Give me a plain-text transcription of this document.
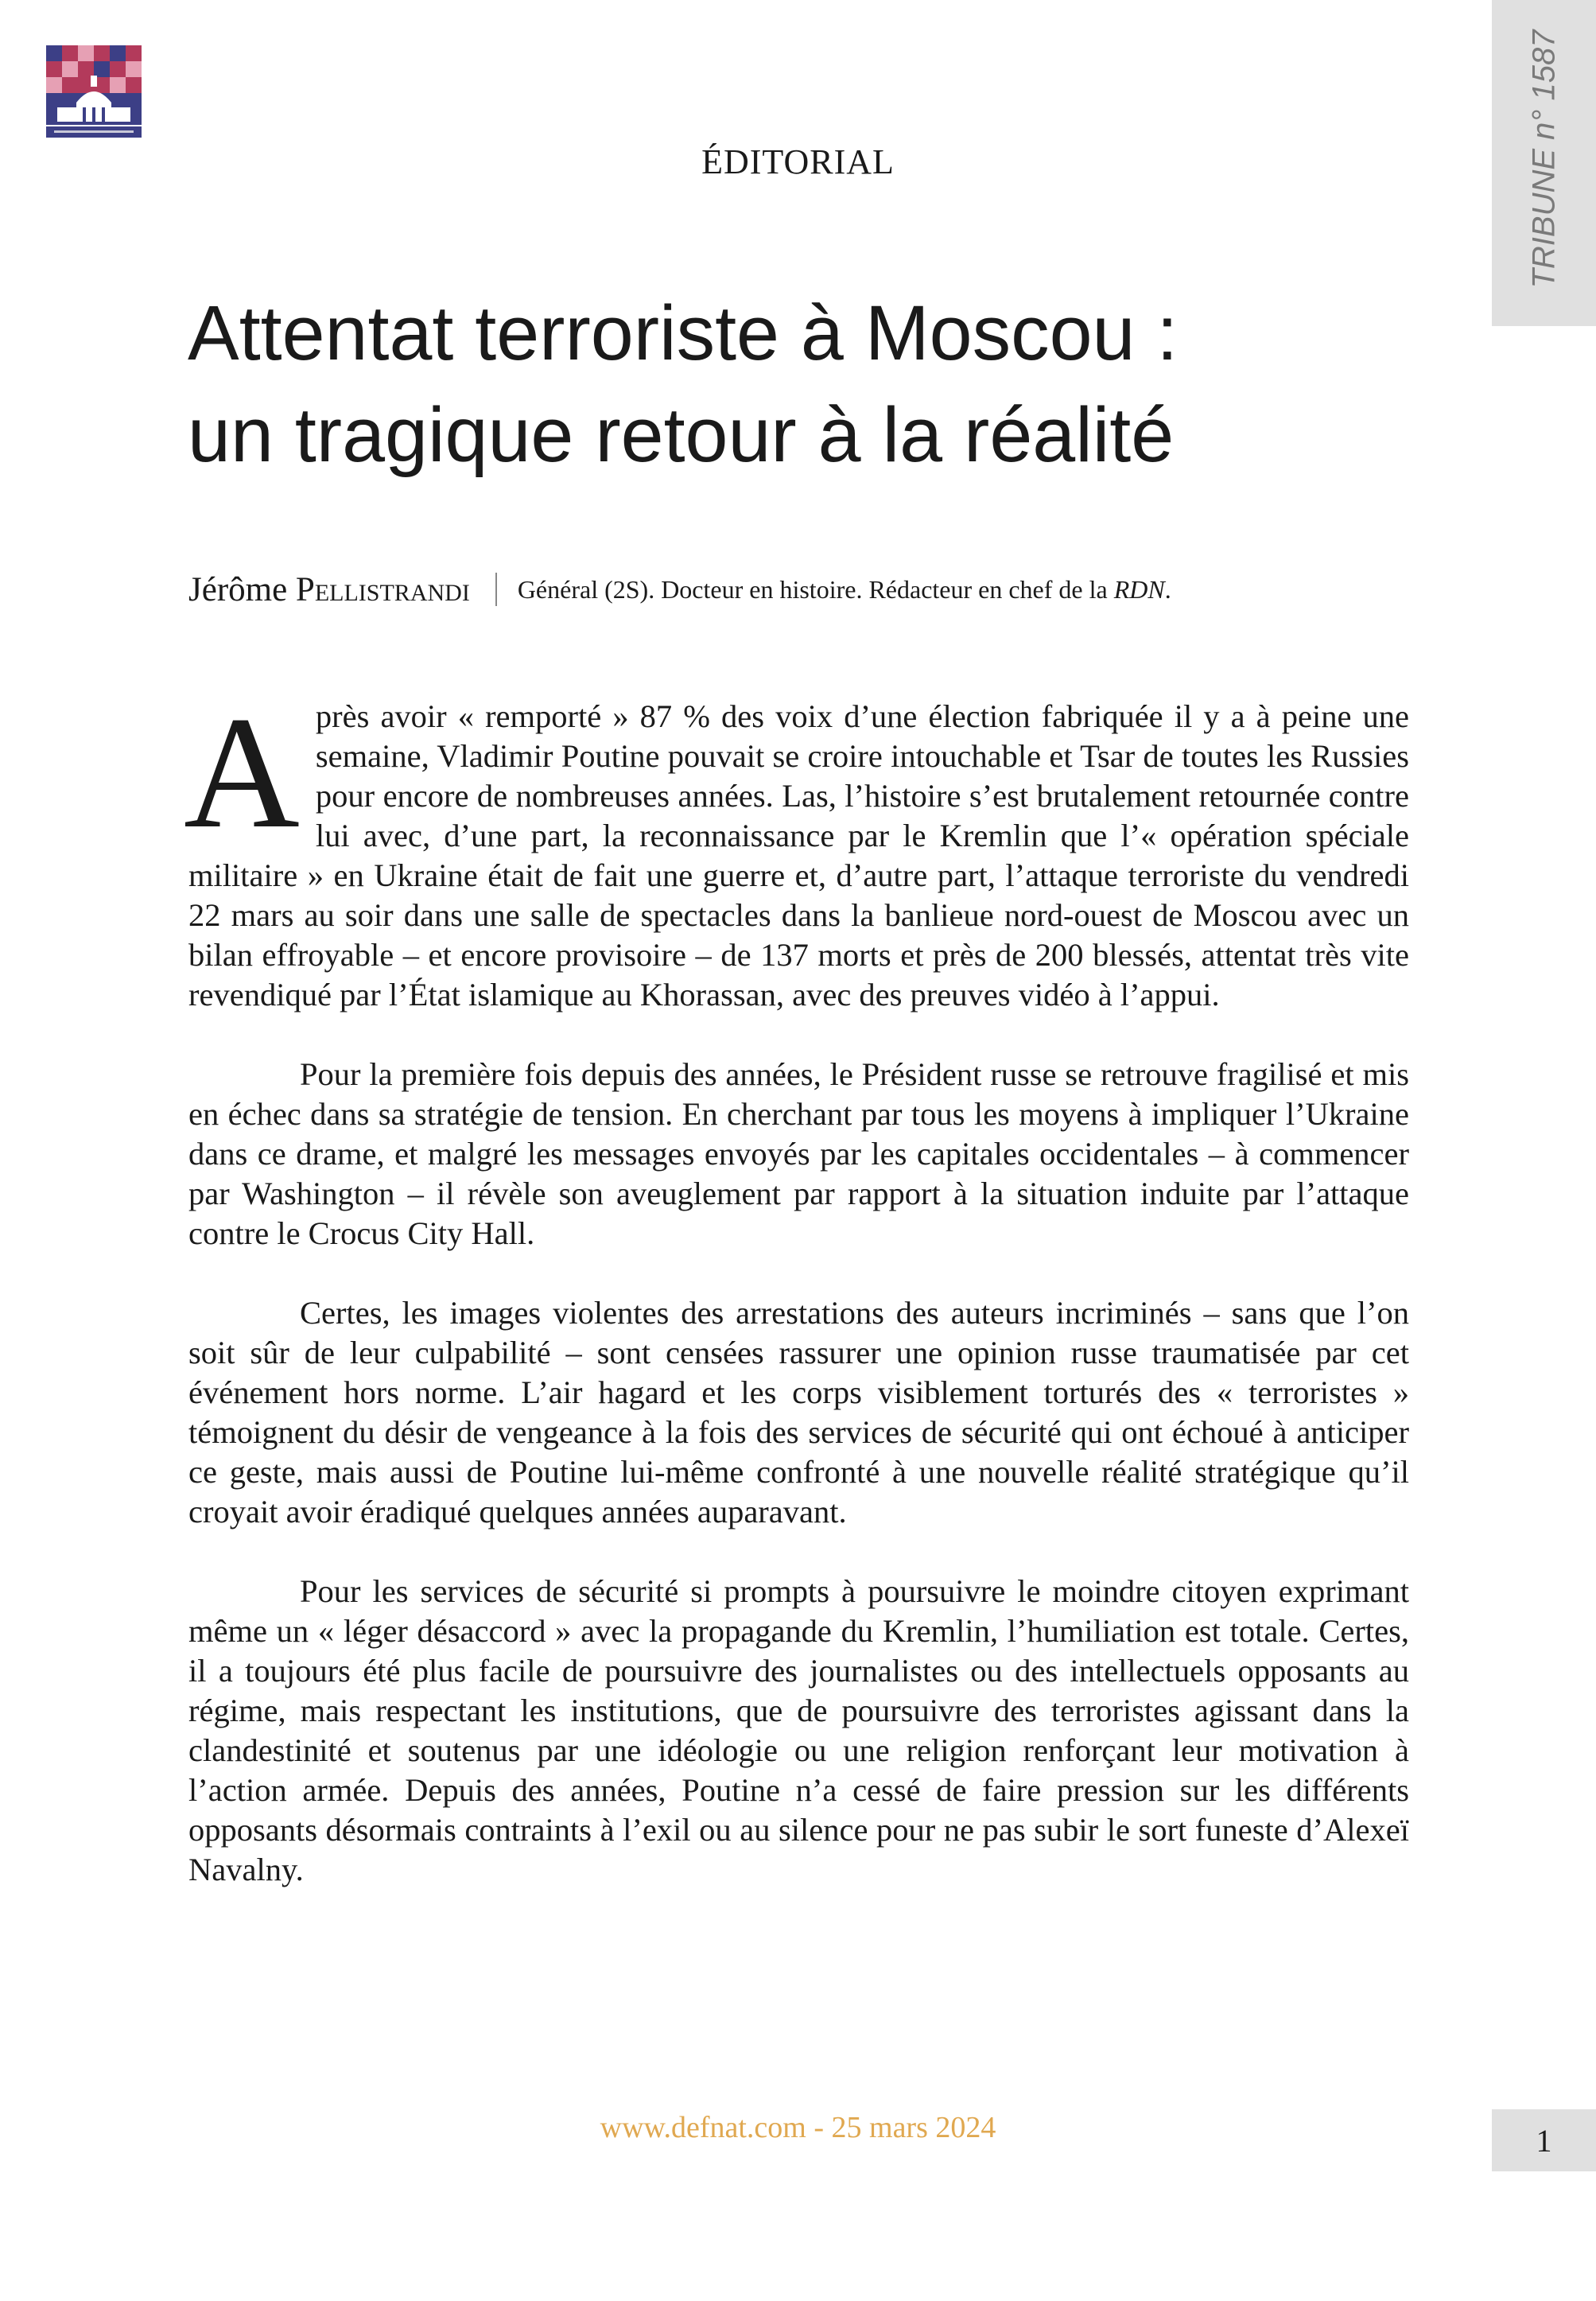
ÉDITORIAL	TRIBUNE n° 1587
Attentat terroriste à Moscou :
un tragique retour à la réalité
Jérôme Pellistrandi Général (2S). Docteur en histoire. Rédacteur en chef de la RDN.

Après avoir « remporté » 87 % des voix d’une élection fabriquée il y a à peine une semaine, Vladimir Poutine pouvait se croire intouchable et Tsar de toutes les Russies pour encore de nombreuses années. Las, l’histoire s’est brutalement retournée contre lui avec, d’une part, la reconnaissance par le Kremlin que l’« opération spéciale militaire » en Ukraine était de fait une guerre et, d’autre part, l’attaque terroriste du vendredi 22 mars au soir dans une salle de spectacles dans la banlieue nord-ouest de Moscou avec un bilan effroyable – et encore provisoire – de 137 morts et près de 200 blessés, attentat très vite revendiqué par l’État islamique au Khorassan, avec des preuves vidéo à l’appui.

Pour la première fois depuis des années, le Président russe se retrouve fragilisé et mis en échec dans sa stratégie de tension. En cherchant par tous les moyens à impliquer l’Ukraine dans ce drame, et malgré les messages envoyés par les capitales occidentales – à commencer par Washington – il révèle son aveuglement par rapport à la situation induite par l’attaque contre le Crocus City Hall.

Certes, les images violentes des arrestations des auteurs incriminés – sans que l’on soit sûr de leur culpabilité – sont censées rassurer une opinion russe traumatisée par cet événement hors norme. L’air hagard et les corps visiblement torturés des « terroristes » témoignent du désir de vengeance à la fois des services de sécurité qui ont échoué à anticiper ce geste, mais aussi de Poutine lui-même confronté à une nouvelle réalité stratégique qu’il croyait avoir éradiqué quelques années auparavant.

Pour les services de sécurité si prompts à poursuivre le moindre citoyen exprimant même un « léger désaccord » avec la propagande du Kremlin, l’humiliation est totale. Certes, il a toujours été plus facile de poursuivre des journalistes ou des intellectuels opposants au régime, mais respectant les institutions, que de poursuivre des terroristes agissant dans la clandestinité et soutenus par une idéologie ou une religion renforçant leur motivation à l’action armée. Depuis des années, Poutine n’a cessé de faire pression sur les différents opposants désormais contraints à l’exil ou au silence pour ne pas subir le sort funeste d’Alexeï Navalny.

www.defnat.com - 25 mars 2024	1
